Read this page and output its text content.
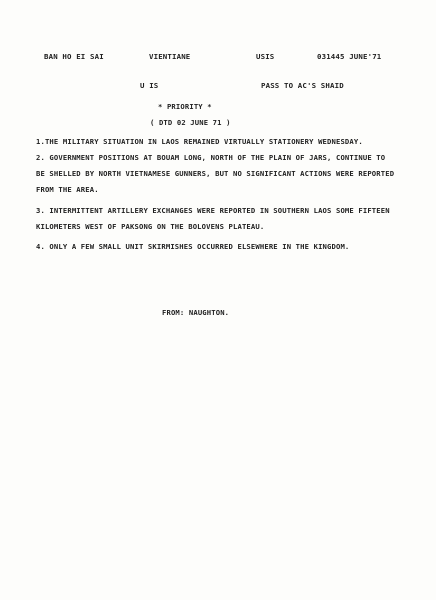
BAN HO EI SAI	VIENTIANE	USIS	031445 JUNE'71
U IS	PASS TO AC'S SHAID
* PRIORITY *
( DTD 02 JUNE 71 )
1.THE MILITARY SITUATION IN LAOS REMAINED VIRTUALLY STATIONERY WEDNESDAY.
2. GOVERNMENT POSITIONS AT BOUAM LONG, NORTH OF THE PLAIN OF JARS, CONTINUE TO
BE SHELLED BY NORTH VIETNAMESE GUNNERS, BUT NO SIGNIFICANT ACTIONS WERE REPORTED
FROM THE AREA.
3. INTERMITTENT ARTILLERY EXCHANGES WERE REPORTED IN SOUTHERN LAOS SOME FIFTEEN
KILOMETERS WEST OF PAKSONG ON THE BOLOVENS PLATEAU.
4. ONLY A FEW SMALL UNIT SKIRMISHES OCCURRED ELSEWHERE IN THE KINGDOM.
FROM: NAUGHTON.
